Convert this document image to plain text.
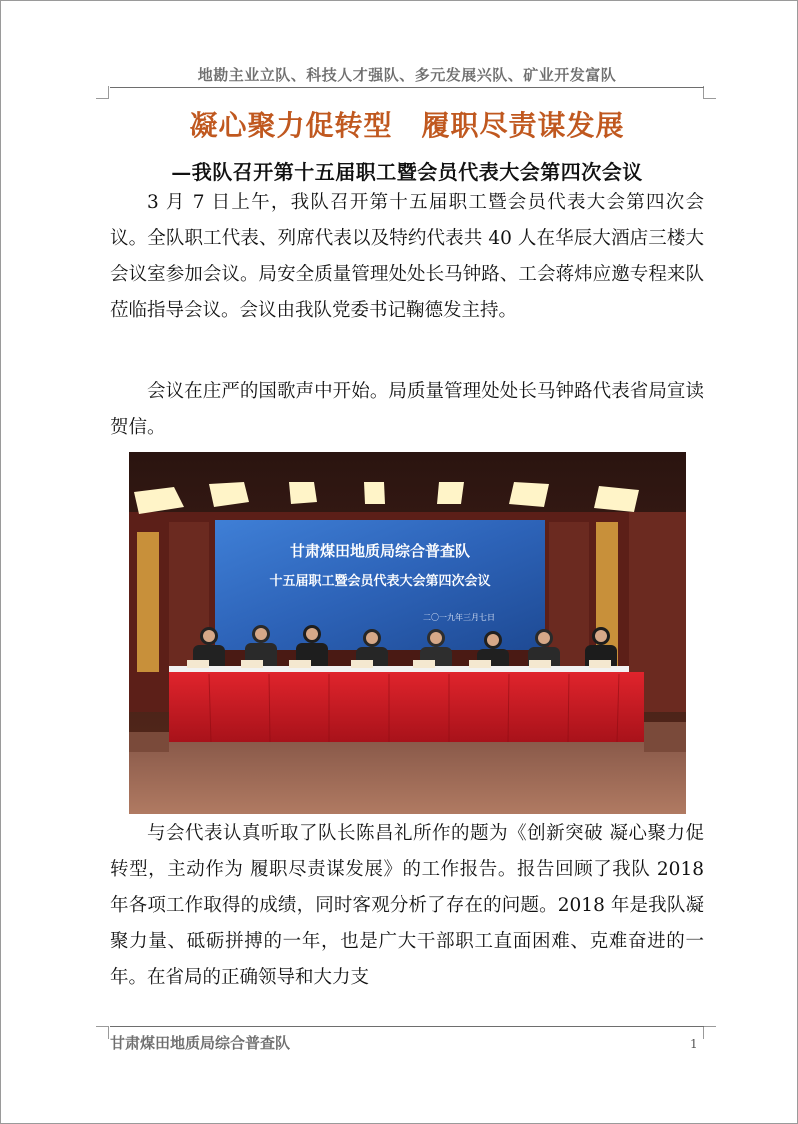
地勘主业立队、科技人才强队、多元发展兴队、矿业开发富队
凝心聚力促转型　履职尽责谋发展
—我队召开第十五届职工暨会员代表大会第四次会议

3 月 7 日上午，我队召开第十五届职工暨会员代表大会第四次会议。全队职工代表、列席代表以及特约代表共 40 人在华辰大酒店三楼大会议室参加会议。局安全质量管理处处长马钟路、工会蒋炜应邀专程来队莅临指导会议。会议由我队党委书记鞠德发主持。

会议在庄严的国歌声中开始。局质量管理处处长马钟路代表省局宣读贺信。

甘肃煤田地质局综合普查队
十五届职工暨会员代表大会第四次会议
二〇一九年三月七日

与会代表认真听取了队长陈昌礼所作的题为《创新突破 凝心聚力促转型，主动作为 履职尽责谋发展》的工作报告。报告回顾了我队 2018 年各项工作取得的成绩，同时客观分析了存在的问题。2018 年是我队凝聚力量、砥砺拼搏的一年，也是广大干部职工直面困难、克难奋进的一年。在省局的正确领导和大力支

甘肃煤田地质局综合普查队	1
